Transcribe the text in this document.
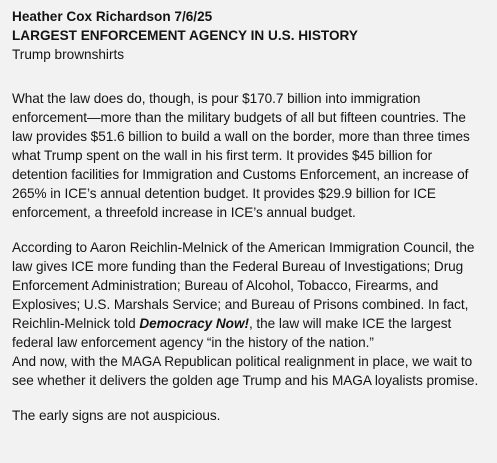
Heather Cox Richardson 7/6/25

LARGEST ENFORCEMENT AGENCY IN U.S. HISTORY

Trump brownshirts

What the law does do, though, is pour $170.7 billion into immigration enforcement—more than the military budgets of all but fifteen countries. The law provides $51.6 billion to build a wall on the border, more than three times what Trump spent on the wall in his first term. It provides $45 billion for detention facilities for Immigration and Customs Enforcement, an increase of 265% in ICE’s annual detention budget. It provides $29.9 billion for ICE enforcement, a threefold increase in ICE’s annual budget.

According to Aaron Reichlin-Melnick of the American Immigration Council, the law gives ICE more funding than the Federal Bureau of Investigations; Drug Enforcement Administration; Bureau of Alcohol, Tobacco, Firearms, and Explosives; U.S. Marshals Service; and Bureau of Prisons combined. In fact, Reichlin-Melnick told Democracy Now!, the law will make ICE the largest federal law enforcement agency “in the history of the nation.”

And now, with the MAGA Republican political realignment in place, we wait to see whether it delivers the golden age Trump and his MAGA loyalists promise.

The early signs are not auspicious.
